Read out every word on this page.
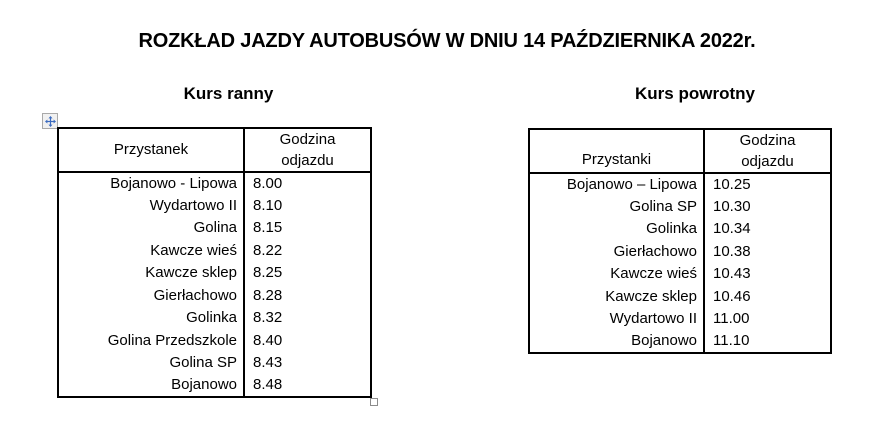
ROZKŁAD JAZDY AUTOBUSÓW W DNIU 14 PAŹDZIERNIKA 2022r.
Kurs ranny	Kurs powrotny
Przystanek	Godzina odjazdu

Bojanowo - Lipowa	8.00
Wydartowo II	8.10
Golina	8.15
Kawcze wieś	8.22
Kawcze sklep	8.25
Gierłachowo	8.28
Golinka	8.32
Golina Przedszkole	8.40
Golina SP	8.43
Bojanowo	8.48
Przystanki	Godzina odjazdu

Bojanowo – Lipowa	10.25
Golina SP	10.30
Golinka	10.34
Gierłachowo	10.38
Kawcze wieś	10.43
Kawcze sklep	10.46
Wydartowo II	11.00
Bojanowo	11.10
